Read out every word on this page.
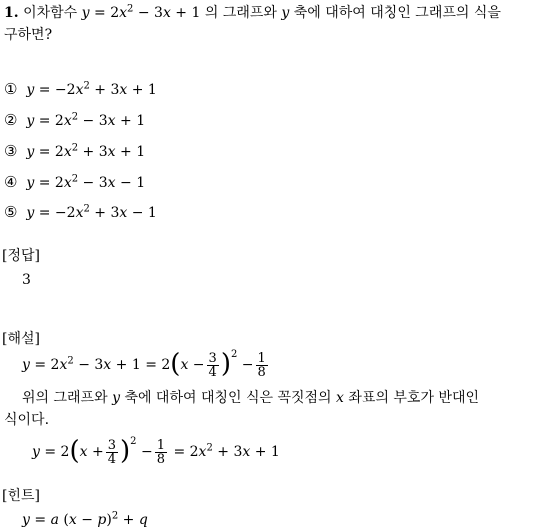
1. 이차함수 $y = 2x^2 - 3x + 1$ 의 그래프와 y 축에 대하여 대칭인 그래프의 식을
구하면?
① $y = -2x^2 + 3x + 1$
② $y = 2x^2 - 3x + 1$
③ $y = 2x^2 + 3x + 1$
④ $y = 2x^2 - 3x - 1$
⑤ $y = -2x^2 + 3x - 1$
[정답]
3
[해설]
$y = 2x^2 - 3x + 1 = 2$ ( $x - \frac{3}{4} )^2$
− $\frac{1}{8}$
위의 그래프와 y 축에 대하여 대칭인 식은 꼭짓점의 x 좌표의 부호가 반대인
식이다.
y = 2 ( $x + \frac{3}{4} )^2$
− $\frac{1}{8} = 2x^2 + 3x + 1$
[힌트]
y = a $(x - p)^2 + q$
